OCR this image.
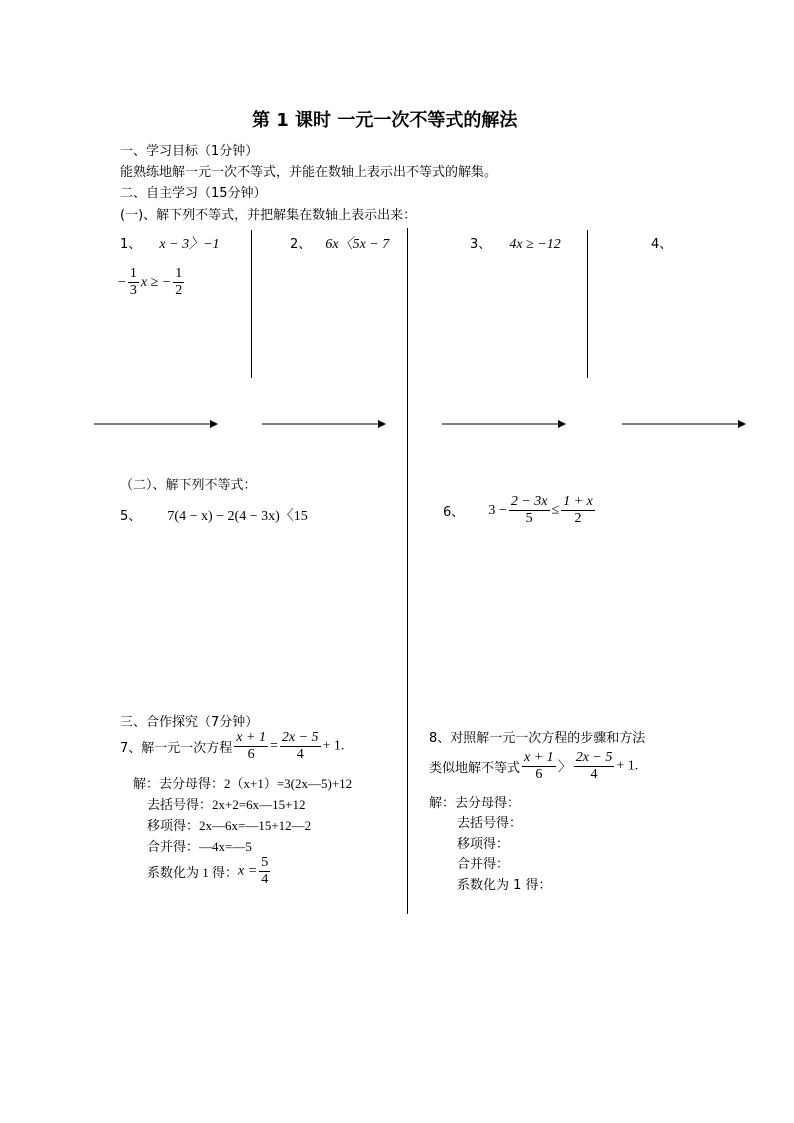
第 1 课时 一元一次不等式的解法
一、学习目标（1分钟）
能熟练地解一元一次不等式，并能在数轴上表示出不等式的解集。
二、自主学习（15分钟）
(一)、解下列不等式，并把解集在数轴上表示出来：
1、 x − 3〉−1	2、 6x〈5x − 7	3、 4x ≥ −12	4、
− $\frac{1}{3}$ x ≥ − $\frac{1}{2}$
（二）、解下列不等式：
5、 7(4 − x) − 2(4 − 3x)〈15	6、 $3 - \frac{2 - 3x}{5} \le \frac{1 + x}{2}$
三、合作探究（7分钟）
7、解一元一次方程 $\frac{x + 1}{6} = \frac{2x - 5}{4} + 1$.
解：去分母得：2（x+1）=3(2x—5)+12
去括号得：2x+2=6x—15+12
移项得：2x—6x=—15+12—2
合并得：—4x=—5
系数化为 1 得：$x = \frac{5}{4}$
8、对照解一元一次方程的步骤和方法
类似地解不等式 $\frac{x + 1}{6}$ 〉 $\frac{2x - 5}{4} + 1$.
解：去分母得：
去括号得：
移项得：
合并得：
系数化为 1 得：
